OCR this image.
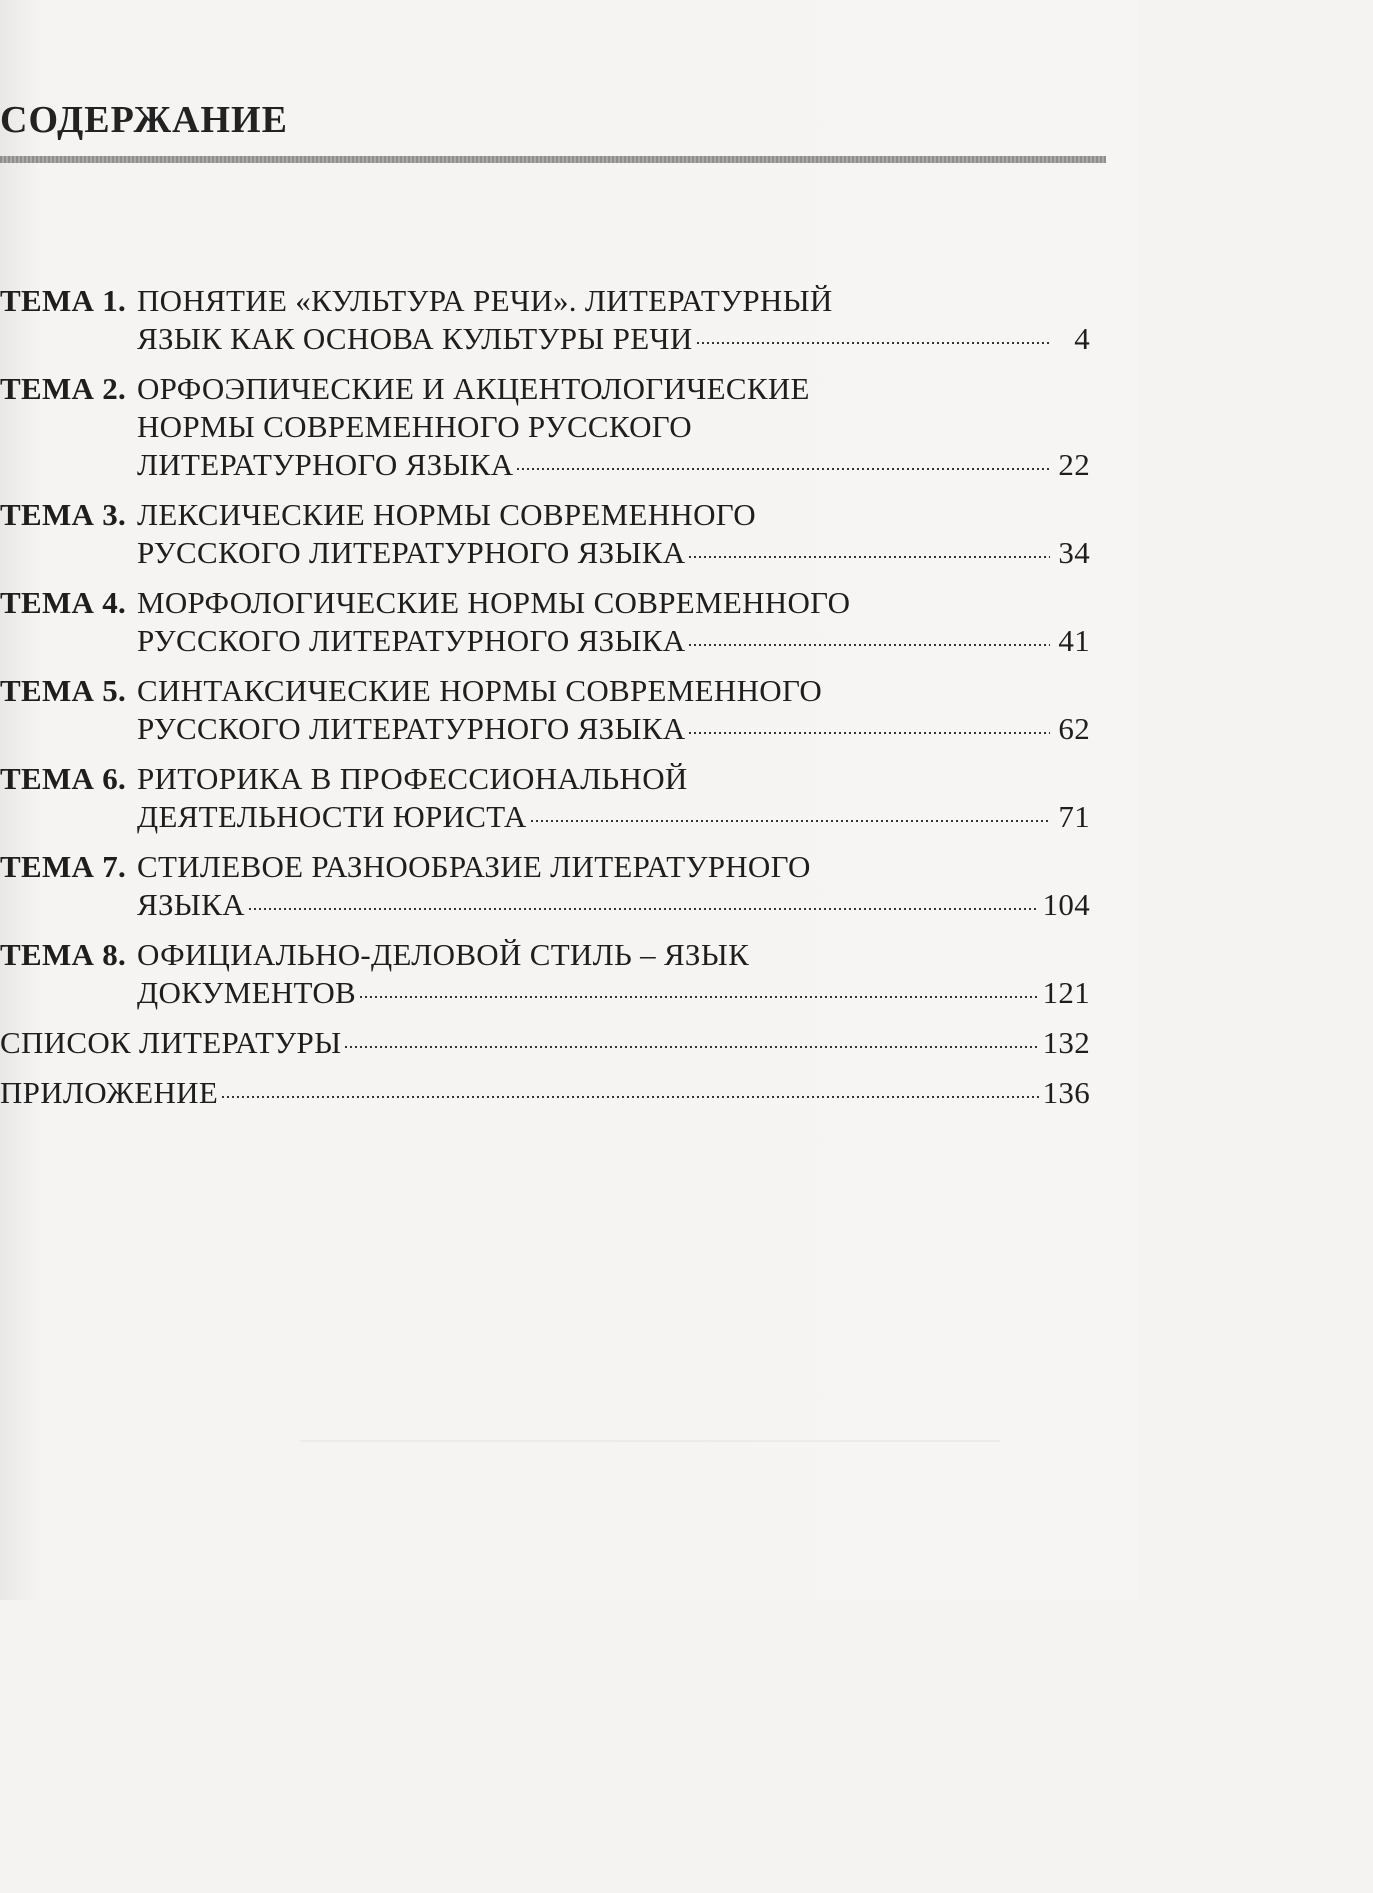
СОДЕРЖАНИЕ
ТЕМА 1. ПОНЯТИЕ «КУЛЬТУРА РЕЧИ». ЛИТЕРАТУРНЫЙ
ЯЗЫК КАК ОСНОВА КУЛЬТУРЫ РЕЧИ	4
ТЕМА 2. ОРФОЭПИЧЕСКИЕ И АКЦЕНТОЛОГИЧЕСКИЕ
НОРМЫ СОВРЕМЕННОГО РУССКОГО
ЛИТЕРАТУРНОГО ЯЗЫКА	22
ТЕМА 3. ЛЕКСИЧЕСКИЕ НОРМЫ СОВРЕМЕННОГО
РУССКОГО ЛИТЕРАТУРНОГО ЯЗЫКА	34
ТЕМА 4. МОРФОЛОГИЧЕСКИЕ НОРМЫ СОВРЕМЕННОГО
РУССКОГО ЛИТЕРАТУРНОГО ЯЗЫКА	41
ТЕМА 5. СИНТАКСИЧЕСКИЕ НОРМЫ СОВРЕМЕННОГО
РУССКОГО ЛИТЕРАТУРНОГО ЯЗЫКА	62
ТЕМА 6. РИТОРИКА В ПРОФЕССИОНАЛЬНОЙ
ДЕЯТЕЛЬНОСТИ ЮРИСТА	71
ТЕМА 7. СТИЛЕВОЕ РАЗНООБРАЗИЕ ЛИТЕРАТУРНОГО
ЯЗЫКА	104
ТЕМА 8. ОФИЦИАЛЬНО-ДЕЛОВОЙ СТИЛЬ – ЯЗЫК
ДОКУМЕНТОВ	121
СПИСОК ЛИТЕРАТУРЫ	132
ПРИЛОЖЕНИЕ	136
